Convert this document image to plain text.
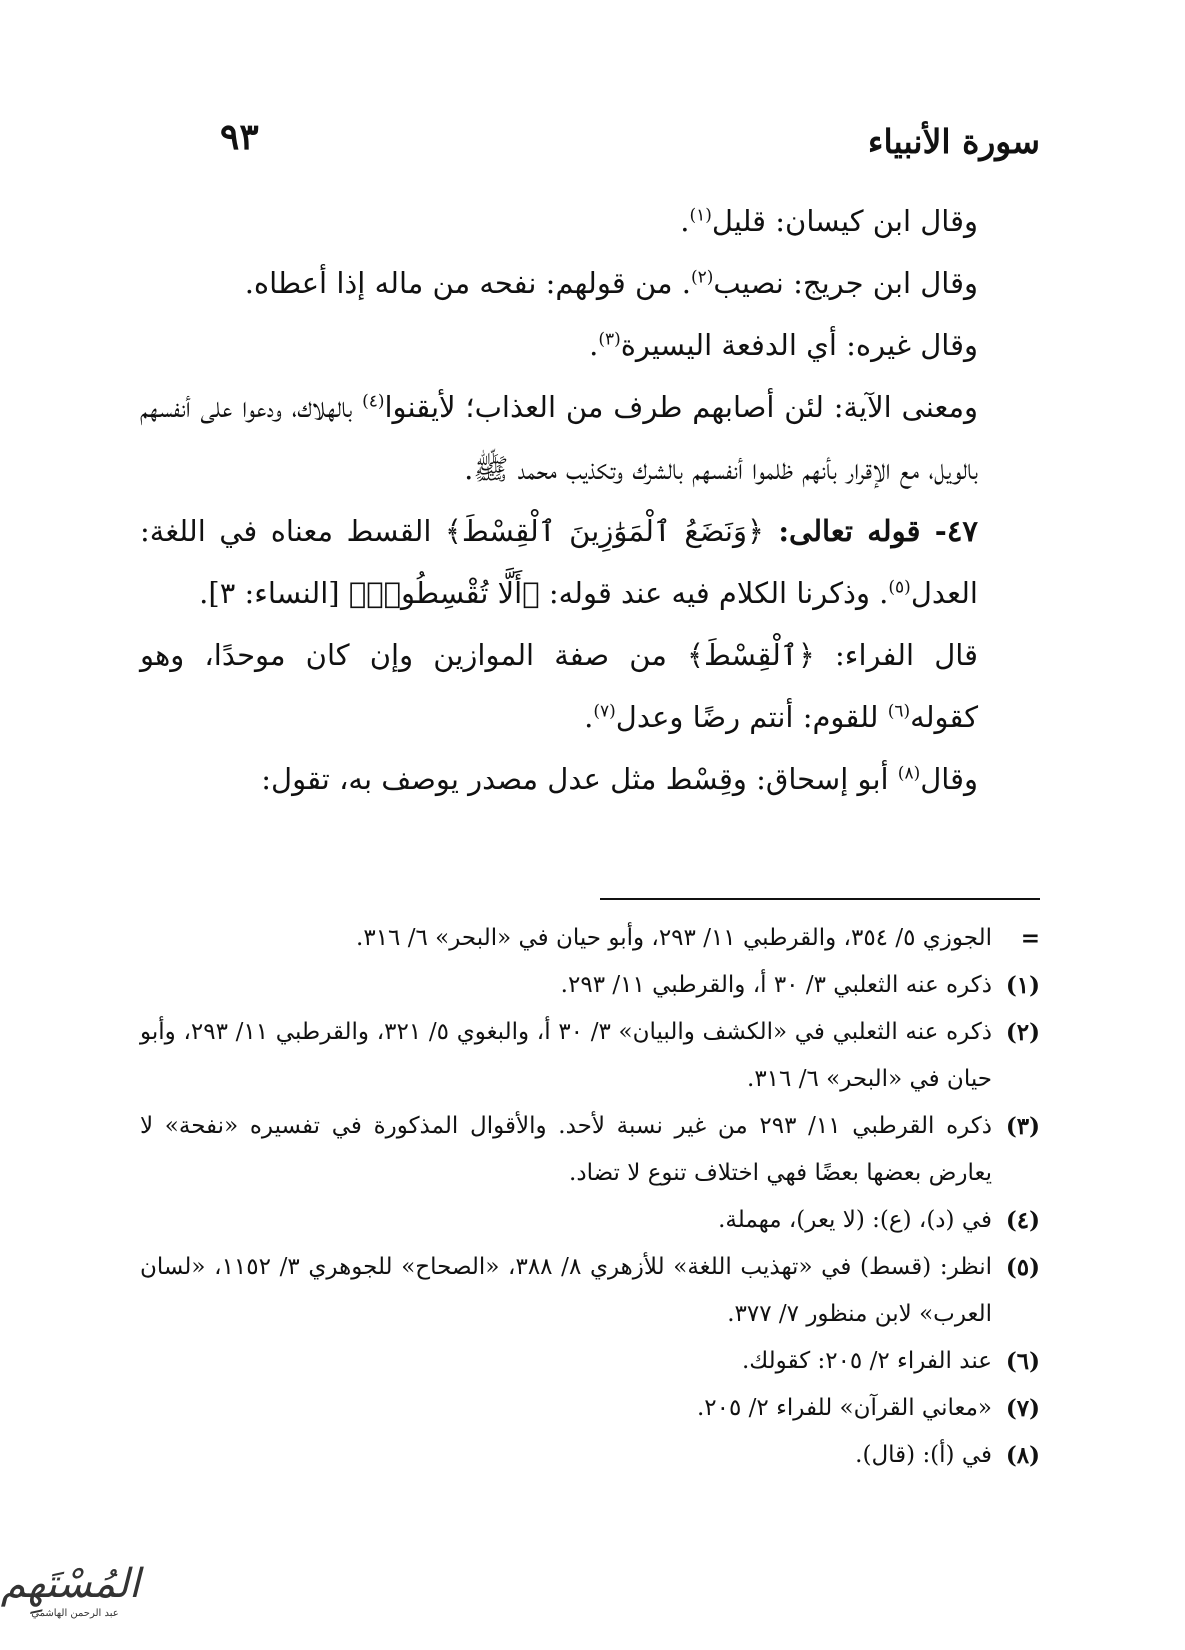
سورة الأنبياء
٩٣

وقال ابن كيسان: قليل$^{(١)}$.

وقال ابن جريج: نصيب$^{(٢)}$. من قولهم: نفحه من ماله إذا أعطاه.

وقال غيره: أي الدفعة اليسيرة$^{(٣)}$.

ومعنى الآية: لئن أصابهم طرف من العذاب؛ لأيقنوا$^{(٤)}$ بالهلاك، ودعوا على أنفسهم بالويل، مع الإقرار بأنهم ظلموا أنفسهم بالشرك وتكذيب محمد ﷺ.

٤٧- قوله تعالى: ﴿وَنَضَعُ ٱلْمَوَٰزِينَ ٱلْقِسْطَ﴾ القسط معناه في اللغة: العدل$^{(٥)}$. وذكرنا الكلام فيه عند قوله: ﴿أَلَّا تُقْسِطُوا۟﴾ [النساء: ٣].

قال الفراء: ﴿ٱلْقِسْطَ﴾ من صفة الموازين وإن كان موحدًا، وهو كقوله$^{(٦)}$ للقوم: أنتم رضًا وعدل$^{(٧)}$.

وقال$^{(٨)}$ أبو إسحاق: وقِسْط مثل عدل مصدر يوصف به، تقول:

=
الجوزي ٥/ ٣٥٤، والقرطبي ١١/ ٢٩٣، وأبو حيان في «البحر» ٦/ ٣١٦.
(١)
ذكره عنه الثعلبي ٣/ ٣٠ أ، والقرطبي ١١/ ٢٩٣.
(٢)
ذكره عنه الثعلبي في «الكشف والبيان» ٣/ ٣٠ أ، والبغوي ٥/ ٣٢١، والقرطبي ١١/ ٢٩٣، وأبو حيان في «البحر» ٦/ ٣١٦.
(٣)
ذكره القرطبي ١١/ ٢٩٣ من غير نسبة لأحد. والأقوال المذكورة في تفسيره «نفحة» لا يعارض بعضها بعضًا فهي اختلاف تنوع لا تضاد.
(٤)
في (د)، (ع): (لا يعر)، مهملة.
(٥)
انظر: (قسط) في «تهذيب اللغة» للأزهري ٨/ ٣٨٨، «الصحاح» للجوهري ٣/ ١١٥٢، «لسان العرب» لابن منظور ٧/ ٣٧٧.
(٦)
عند الفراء ٢/ ٢٠٥: كقولك.
(٧)
«معاني القرآن» للفراء ٢/ ٢٠٥.
(٨)
في (أ): (قال).
المُسْتَهِم
عبد الرحمن الهاشمي
